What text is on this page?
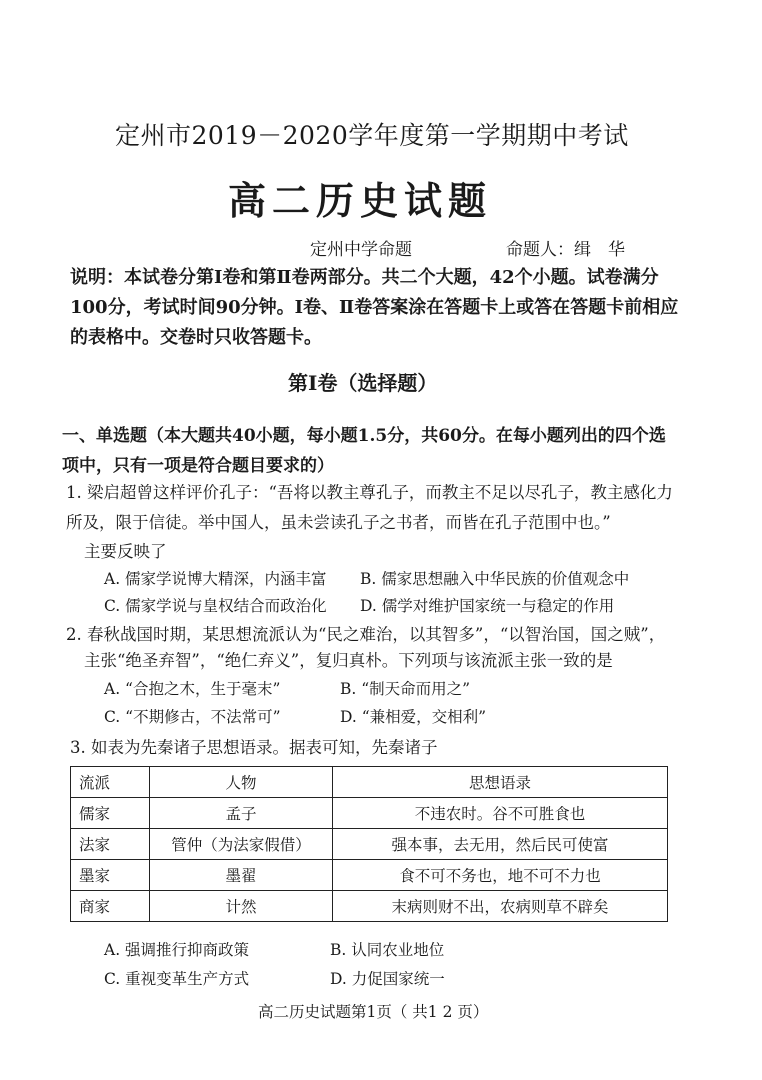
定州市2019－2020学年度第一学期期中考试
高二历史试题
定州中学命题	命题人：缉　华
说明：本试卷分第Ⅰ卷和第Ⅱ卷两部分。共二个大题，42个小题。试卷满分100分，考试时间90分钟。Ⅰ卷、Ⅱ卷答案涂在答题卡上或答在答题卡前相应的表格中。交卷时只收答题卡。
第Ⅰ卷（选择题）
一、单选题（本大题共40小题，每小题1.5分，共60分。在每小题列出的四个选项中，只有一项是符合题目要求的）
1. 梁启超曾这样评价孔子：“吾将以教主尊孔子，而教主不足以尽孔子，教主感化力所及，限于信徒。举中国人，虽未尝读孔子之书者，而皆在孔子范围中也。”
主要反映了
A. 儒家学说博大精深，内涵丰富 B. 儒家思想融入中华民族的价值观念中
C. 儒家学说与皇权结合而政治化 D. 儒学对维护国家统一与稳定的作用
2. 春秋战国时期，某思想流派认为“民之难治，以其智多”，“以智治国，国之贼”，
主张“绝圣弃智”，“绝仁弃义”，复归真朴。下列项与该流派主张一致的是
A. “合抱之木，生于毫末”	B. “制天命而用之”
C. “不期修古，不法常可”	D. “兼相爱，交相利”
3. 如表为先秦诸子思想语录。据表可知，先秦诸子
流派	人物	思想语录
儒家	孟子	不违农时。谷不可胜食也
法家	管仲（为法家假借）	强本事，去无用，然后民可使富
墨家	墨翟	食不可不务也，地不可不力也
商家	计然	末病则财不出，农病则草不辟矣
A. 强调推行抑商政策	B. 认同农业地位
C. 重视变革生产方式	D. 力促国家统一
高二历史试题第1页（ 共1 2 页）
